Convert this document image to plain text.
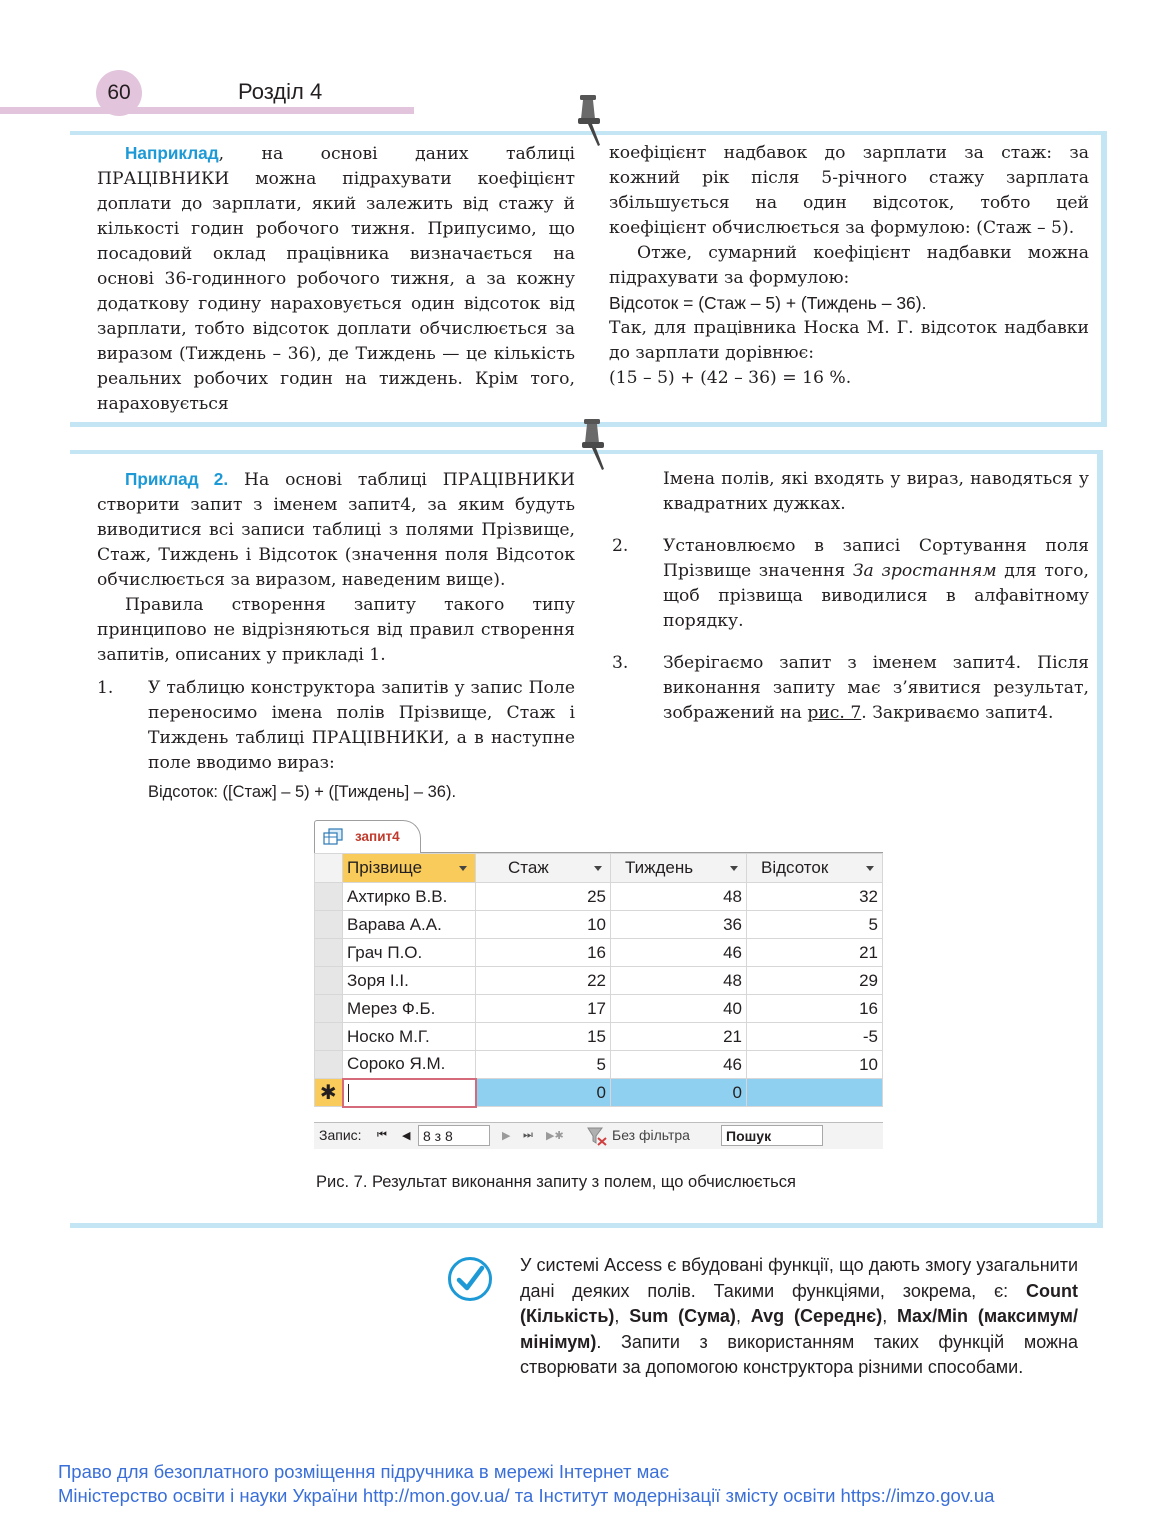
60	Розділ 4

Наприклад, на основі даних таблиці ПРАЦІВНИКИ можна підрахувати коефіцієнт доплати до зарплати, який залежить від стажу й кількості годин робочого тижня. Припусимо, що посадовий оклад працівника визначається на основі 36-годинного робочого тижня, а за кожну додаткову годину нараховується один відсоток від зарплати, тобто відсоток доплати обчислюється за виразом (Тиждень – 36), де Тиждень — це кількість реальних робочих годин на тиждень. Крім того, нараховується

коефіцієнт надбавок до зарплати за стаж: за кожний рік після 5-річного стажу зарплата збільшується на один відсоток, тобто цей коефіцієнт обчислюється за формулою: (Стаж – 5).

Отже, сумарний коефіцієнт надбавки можна підрахувати за формулою:

Відсоток = (Стаж – 5) + (Тиждень – 36).

Так, для працівника Носка М. Г. відсоток надбавки до зарплати дорівнює:

(15 – 5) + (42 – 36) = 16 %.

Приклад 2. На основі таблиці ПРАЦІВНИКИ створити запит з іменем запит4, за яким будуть виводитися всі записи таблиці з полями Прізвище, Стаж, Тиждень і Відсоток (значення поля Відсоток обчислюється за виразом, наведеним вище).

Правила створення запиту такого типу принципово не відрізняються від правил створення запитів, описаних у прикладі 1.

1. У таблицю конструктора запитів у запис Поле переносимо імена полів Прізвище, Стаж і Тиждень таблиці ПРАЦІВНИКИ, а в наступне поле вводимо вираз:

Відсоток: ([Стаж] – 5) + ([Тиждень] – 36).

Імена полів, які входять у вираз, наводяться у квадратних дужках.

2. Установлюємо в записі Сортування поля Прізвище значення За зростанням для того, щоб прізвища виводилися в алфавітному порядку.

3. Зберігаємо запит з іменем запит4. Після виконання запиту має з’явитися результат, зображений на рис. 7. Закриваємо запит4.

запит4
	Прізвище	Стаж	Тиждень	Відсоток

	Ахтирко В.В.	25	48	32
	Варава А.А.	10	36	5
	Грач П.О.	16	46	21
	Зоря І.І.	22	48	29
	Мерез Ф.Б.	17	40	16
	Носко М.Г.	15	21	-5
	Сороко Я.М.	5	46	10
✱		0	0	
Запис: ⏮ ◀ 8 з 8	▶ ⏭ ▶✱	Без фільтра	Пошук
Рис. 7. Результат виконання запиту з полем, що обчислюється
У системі Access є вбудовані функції, що дають змогу узагальнити дані деяких полів. Такими функціями, зокрема, є: Count (Кількість), Sum (Сума), Avg (Середнє), Max/Min (максимум/мінімум). Запити з використанням таких функцій можна створювати за допомогою конструктора різними способами.
Право для безоплатного розміщення підручника в мережі Інтернет має
Міністерство освіти і науки України http://mon.gov.ua/ та Інститут модернізації змісту освіти https://imzo.gov.ua
